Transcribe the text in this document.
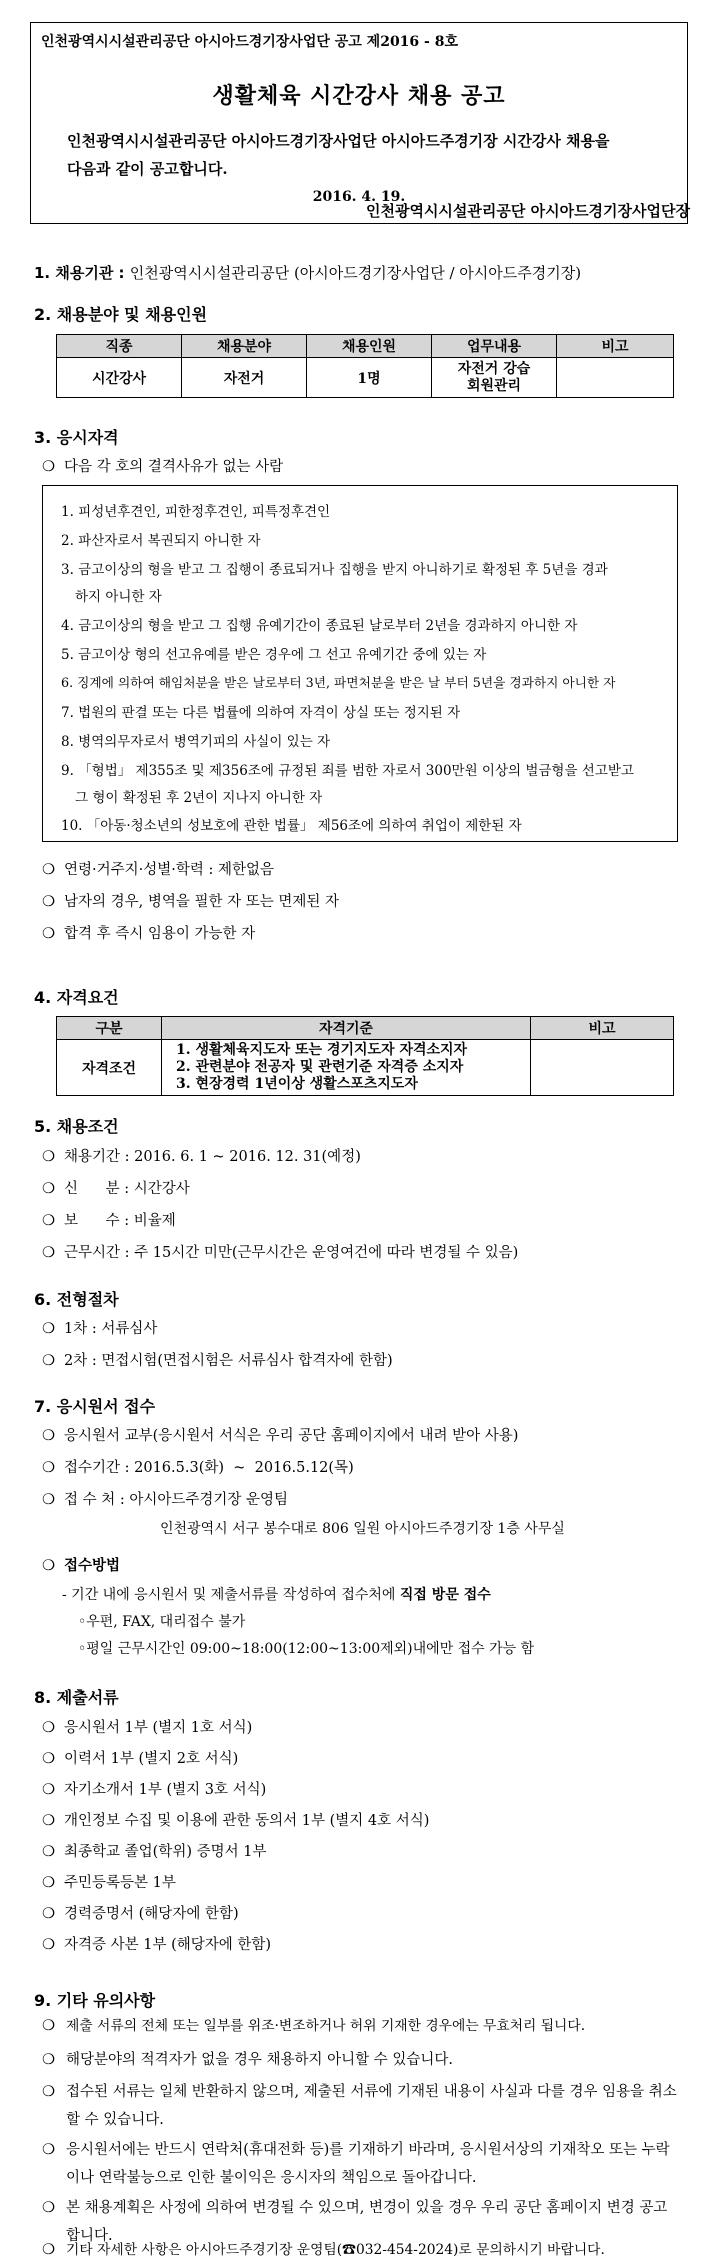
인천광역시시설관리공단 아시아드경기장사업단 공고 제2016 - 8호
생활체육 시간강사 채용 공고
인천광역시시설관리공단 아시아드경기장사업단 아시아드주경기장 시간강사 채용을
다음과 같이 공고합니다.
2016. 4. 19.
인천광역시시설관리공단 아시아드경기장사업단장
1. 채용기관 : 인천광역시시설관리공단 (아시아드경기장사업단 / 아시아드주경기장)
2. 채용분야 및 채용인원
직종	채용분야	채용인원	업무내용	비고
시간강사	자전거	1명	자전거 강습
회원관리	

3. 응시자격
❍ 다음 각 호의 결격사유가 없는 사람
1. 피성년후견인, 피한정후견인, 피특정후견인
2. 파산자로서 복권되지 아니한 자
3. 금고이상의 형을 받고 그 집행이 종료되거나 집행을 받지 아니하기로 확정된 후 5년을 경과
하지 아니한 자
4. 금고이상의 형을 받고 그 집행 유예기간이 종료된 날로부터 2년을 경과하지 아니한 자
5. 금고이상 형의 선고유예를 받은 경우에 그 선고 유예기간 중에 있는 자
6. 징계에 의하여 해임처분을 받은 날로부터 3년, 파면처분을 받은 날 부터 5년을 경과하지 아니한 자
7. 법원의 판결 또는 다른 법률에 의하여 자격이 상실 또는 정지된 자
8. 병역의무자로서 병역기피의 사실이 있는 자
9. 「형법」 제355조 및 제356조에 규정된 죄를 범한 자로서 300만원 이상의 벌금형을 선고받고
그 형이 확정된 후 2년이 지나지 아니한 자
10. 「아동·청소년의 성보호에 관한 법률」 제56조에 의하여 취업이 제한된 자
❍ 연령·거주지·성별·학력 : 제한없음
❍ 남자의 경우, 병역을 필한 자 또는 면제된 자
❍ 합격 후 즉시 임용이 가능한 자
4. 자격요건
구분	자격기준	비고
자격조건	1. 생활체육지도자 또는 경기지도자 자격소지자
2. 관련분야 전공자 및 관련기준 자격증 소지자
3. 현장경력 1년이상 생활스포츠지도자	

5. 채용조건
❍ 채용기간 : 2016. 6. 1 ~ 2016. 12. 31(예정)
❍ 신      분 : 시간강사
❍ 보      수 : 비율제
❍ 근무시간 : 주 15시간 미만(근무시간은 운영여건에 따라 변경될 수 있음)
6. 전형절차
❍ 1차 : 서류심사
❍ 2차 : 면접시험(면접시험은 서류심사 합격자에 한함)
7. 응시원서 접수
❍ 응시원서 교부(응시원서 서식은 우리 공단 홈페이지에서 내려 받아 사용)
❍ 접수기간 : 2016.5.3(화)  ~  2016.5.12(목)
❍ 접 수 처 : 아시아드주경기장 운영팀
인천광역시 서구 봉수대로 806 일원 아시아드주경기장 1층 사무실
❍ 접수방법
- 기간 내에 응시원서 및 제출서류를 작성하여 접수처에 직접 방문 접수
◦우편, FAX, 대리접수 불가
◦평일 근무시간인 09:00~18:00(12:00~13:00제외)내에만 접수 가능 함
8. 제출서류
❍ 응시원서 1부 (별지 1호 서식)
❍ 이력서 1부 (별지 2호 서식)
❍ 자기소개서 1부 (별지 3호 서식)
❍ 개인정보 수집 및 이용에 관한 동의서 1부 (별지 4호 서식)
❍ 최종학교 졸업(학위) 증명서 1부
❍ 주민등록등본 1부
❍ 경력증명서 (해당자에 한함)
❍ 자격증 사본 1부 (해당자에 한함)
9. 기타 유의사항
❍ 제출 서류의 전체 또는 일부를 위조·변조하거나 허위 기재한 경우에는 무효처리 됩니다.
❍ 해당분야의 적격자가 없을 경우 채용하지 아니할 수 있습니다.
❍ 접수된 서류는 일체 반환하지 않으며, 제출된 서류에 기재된 내용이 사실과 다를 경우 임용을 취소할 수 있습니다.
❍ 응시원서에는 반드시 연락처(휴대전화 등)를 기재하기 바라며, 응시원서상의 기재착오 또는 누락이나 연락불능으로 인한 불이익은 응시자의 책임으로 돌아갑니다.
❍ 본 채용계획은 사정에 의하여 변경될 수 있으며, 변경이 있을 경우 우리 공단 홈페이지 변경 공고합니다.
❍ 기타 자세한 사항은 아시아드주경기장 운영팀(☎032-454-2024)로 문의하시기 바랍니다.
